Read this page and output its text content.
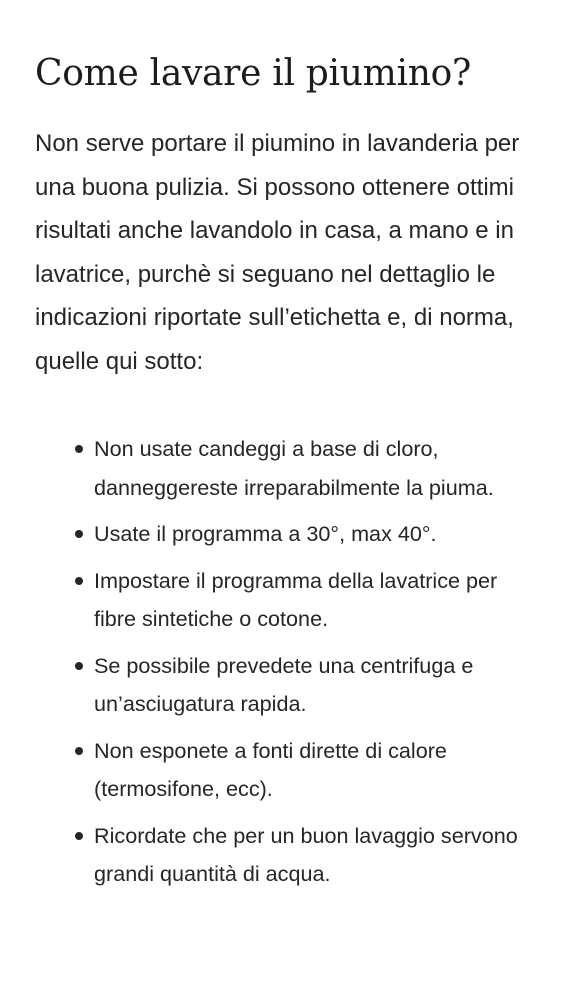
Come lavare il piumino?

Non serve portare il piumino in lavanderia per una buona pulizia. Si possono ottenere ottimi risultati anche lavandolo in casa, a mano e in lavatrice, purchè si seguano nel dettaglio le indicazioni riportate sull’etichetta e, di norma, quelle qui sotto:

Non usate candeggi a base di cloro, danneggereste irreparabilmente la piuma.
Usate il programma a 30°, max 40°.
Impostare il programma della lavatrice per fibre sintetiche o cotone.
Se possibile prevedete una centrifuga e un’asciugatura rapida.
Non esponete a fonti dirette di calore (termosifone, ecc).
Ricordate che per un buon lavaggio servono grandi quantità di acqua.
